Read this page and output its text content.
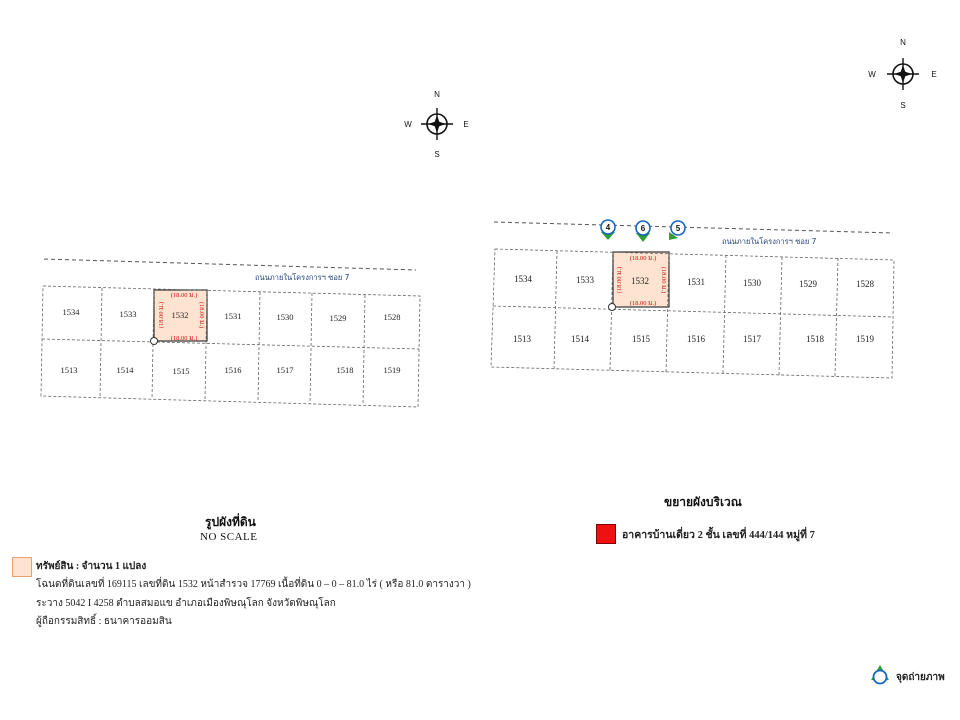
ถนนภายในโครงการฯ ซอย 7
1534	1533	1532	1531	1530	1529	1528
1513	1514	1515	1516	1517	1518	1519
(18.00 ม.)
(18.00 ม.)
(18.00 ม.)	(18.00 ม.)
ถนนภายในโครงการฯ ซอย 7
1534	1533	1532	1531	1530	1529	1528
1513	1514	1515	1516	1517	1518	1519
(18.00 ม.)
(18.00 ม.)
(18.00 ม.)	(18.00 ม.)
4	6	5
N
S
E
W
N
S
E
W
รูปผังที่ดิน
NO SCALE
ขยายผังบริเวณ
อาคารบ้านเดี่ยว 2 ชั้น เลขที่ 444/144 หมู่ที่ 7
ทรัพย์สิน : จำนวน 1 แปลง
โฉนดที่ดินเลขที่ 169115 เลขที่ดิน 1532 หน้าสำรวจ 17769 เนื้อที่ดิน 0 – 0 – 81.0 ไร่ ( หรือ 81.0 ตารางวา )
ระวาง 5042 I 4258 ตำบลสมอแข อำเภอเมืองพิษณุโลก จังหวัดพิษณุโลก
ผู้ถือกรรมสิทธิ์ : ธนาคารออมสิน
จุดถ่ายภาพ
